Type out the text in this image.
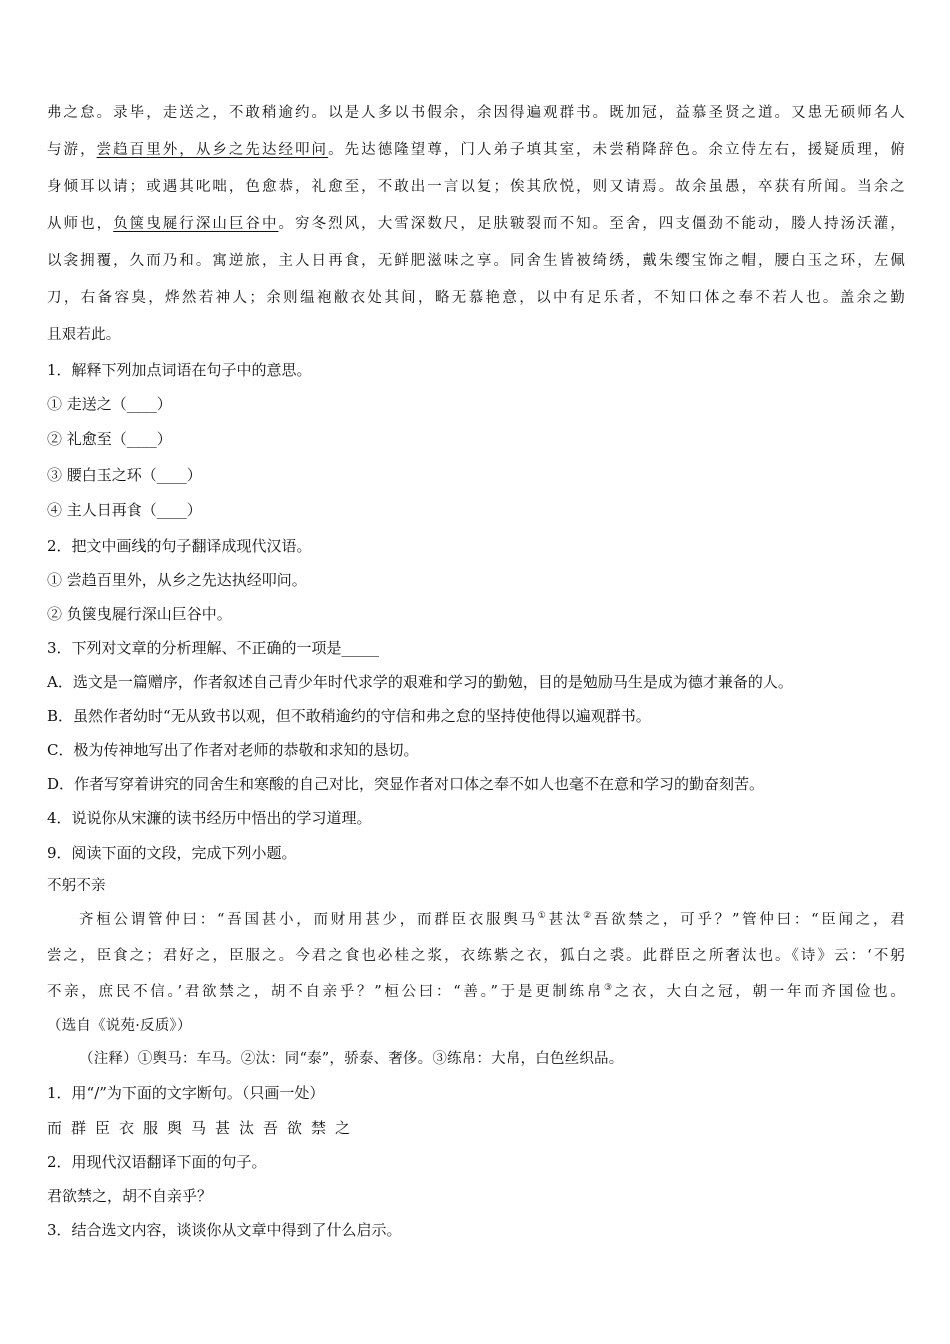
弗之怠。录毕，走送之，不敢稍逾约。以是人多以书假余，余因得遍观群书。既加冠，益慕圣贤之道。又患无硕师名人
与游，尝趋百里外，从乡之先达经叩问。先达德隆望尊，门人弟子填其室，未尝稍降辞色。余立侍左右，援疑质理，俯
身倾耳以请；或遇其叱咄，色愈恭，礼愈至，不敢出一言以复；俟其欣悦，则又请焉。故余虽愚，卒获有所闻。当余之
从师也，负箧曳屣行深山巨谷中。穷冬烈风，大雪深数尺，足肤皲裂而不知。至舍，四支僵劲不能动，媵人持汤沃灌，
以衾拥覆，久而乃和。寓逆旅，主人日再食，无鲜肥滋味之享。同舍生皆被绮绣，戴朱缨宝饰之帽，腰白玉之环，左佩
刀，右备容臭，烨然若神人；余则缊袍敝衣处其间，略无慕艳意，以中有足乐者，不知口体之奉不若人也。盖余之勤
且艰若此。
1．解释下列加点词语在句子中的意思。
① 走送之（____）
② 礼愈至（____）
③ 腰白玉之环（____）
④ 主人日再食（____）
2．把文中画线的句子翻译成现代汉语。
① 尝趋百里外，从乡之先达执经叩问。
② 负箧曳屣行深山巨谷中。
3．下列对文章的分析理解、不正确的一项是_____
A．选文是一篇赠序，作者叙述自己青少年时代求学的艰难和学习的勤勉，目的是勉励马生是成为德才兼备的人。
B．虽然作者幼时“无从致书以观，但不敢稍逾约的守信和弗之怠的坚持使他得以遍观群书。
C．极为传神地写出了作者对老师的恭敬和求知的恳切。
D．作者写穿着讲究的同舍生和寒酸的自己对比，突显作者对口体之奉不如人也毫不在意和学习的勤奋刻苦。
4．说说你从宋濂的读书经历中悟出的学习道理。
9．阅读下面的文段，完成下列小题。
不躬不亲
齐桓公谓管仲曰：“吾国甚小，而财用甚少，而群臣衣服舆马①甚汰②吾欲禁之，可乎？”管仲曰：“臣闻之，君
尝之，臣食之；君好之，臣服之。今君之食也必桂之浆，衣练紫之衣，狐白之裘。此群臣之所奢汰也。《诗》云：‘不躬
不亲，庶民不信。’君欲禁之，胡不自亲乎？”桓公曰：“善。”于是更制练帛③之衣，大白之冠，朝一年而齐国俭也。
（选自《说苑·反质》）
（注释）①舆马：车马。②汰：同“泰”，骄泰、奢侈。③练帛：大帛，白色丝织品。
1．用“/”为下面的文字断句。（只画一处）
而群臣衣服舆马甚汰吾欲禁之
2．用现代汉语翻译下面的句子。
君欲禁之，胡不自亲乎？
3．结合选文内容，谈谈你从文章中得到了什么启示。
